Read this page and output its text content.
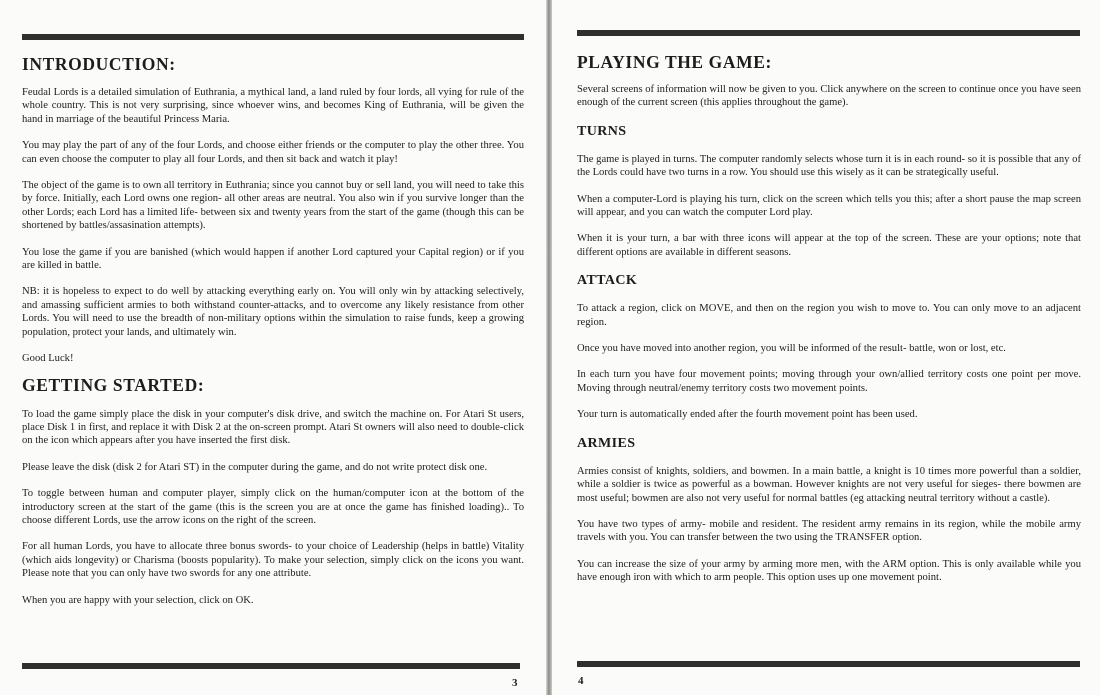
INTRODUCTION:

Feudal Lords is a detailed simulation of Euthrania, a mythical land, a land ruled by four lords, all vying for rule of the whole country. This is not very surprising, since whoever wins, and becomes King of Euthrania, will be given the hand in marriage of the beautiful Princess Maria.

You may play the part of any of the four Lords, and choose either friends or the computer to play the other three. You can even choose the computer to play all four Lords, and then sit back and watch it play!

The object of the game is to own all territory in Euthrania; since you cannot buy or sell land, you will need to take this by force. Initially, each Lord owns one region- all other areas are neutral. You also win if you survive longer than the other Lords; each Lord has a limited life- between six and twenty years from the start of the game (though this can be shortened by battles/assasination attempts).

You lose the game if you are banished (which would happen if another Lord captured your Capital region) or if you are killed in battle.

NB: it is hopeless to expect to do well by attacking everything early on. You will only win by attacking selectively, and amassing sufficient armies to both withstand counter-attacks, and to overcome any likely resistance from other Lords. You will need to use the breadth of non-military options within the simulation to raise funds, keep a growing population, protect your lands, and ultimately win.

Good Luck!

GETTING STARTED:

To load the game simply place the disk in your computer's disk drive, and switch the machine on. For Atari St users, place Disk 1 in first, and replace it with Disk 2 at the on-screen prompt. Atari St owners will also need to double-click on the icon which appears after you have inserted the first disk.

Please leave the disk (disk 2 for Atari ST) in the computer during the game, and do not write protect disk one.

To toggle between human and computer player, simply click on the human/computer icon at the bottom of the introductory screen at the start of the game (this is the screen you are at once the game has finished loading).. To choose different Lords, use the arrow icons on the right of the screen.

For all human Lords, you have to allocate three bonus swords- to your choice of Leadership (helps in battle) Vitality (which aids longevity) or Charisma (boosts popularity). To make your selection, simply click on the icons you want. Please note that you can only have two swords for any one attribute.

When you are happy with your selection, click on OK.

3
PLAYING THE GAME:

Several screens of information will now be given to you. Click anywhere on the screen to continue once you have seen enough of the current screen (this applies throughout the game).

TURNS

The game is played in turns. The computer randomly selects whose turn it is in each round- so it is possible that any of the Lords could have two turns in a row. You should use this wisely as it can be strategically useful.

When a computer-Lord is playing his turn, click on the screen which tells you this; after a short pause the map screen will appear, and you can watch the computer Lord play.

When it is your turn, a bar with three icons will appear at the top of the screen. These are your options; note that different options are available in different seasons.

ATTACK

To attack a region, click on MOVE, and then on the region you wish to move to. You can only move to an adjacent region.

Once you have moved into another region, you will be informed of the result- battle, won or lost, etc.

In each turn you have four movement points; moving through your own/allied territory costs one point per move. Moving through neutral/enemy territory costs two movement points.

Your turn is automatically ended after the fourth movement point has been used.

ARMIES

Armies consist of knights, soldiers, and bowmen. In a main battle, a knight is 10 times more powerful than a soldier, while a soldier is twice as powerful as a bowman. However knights are not very useful for sieges- there bowmen are most useful; bowmen are also not very useful for normal battles (eg attacking neutral territory without a castle).

You have two types of army- mobile and resident. The resident army remains in its region, while the mobile army travels with you. You can transfer between the two using the TRANSFER option.

You can increase the size of your army by arming more men, with the ARM option. This is only available while you have enough iron with which to arm people. This option uses up one movement point.

4
